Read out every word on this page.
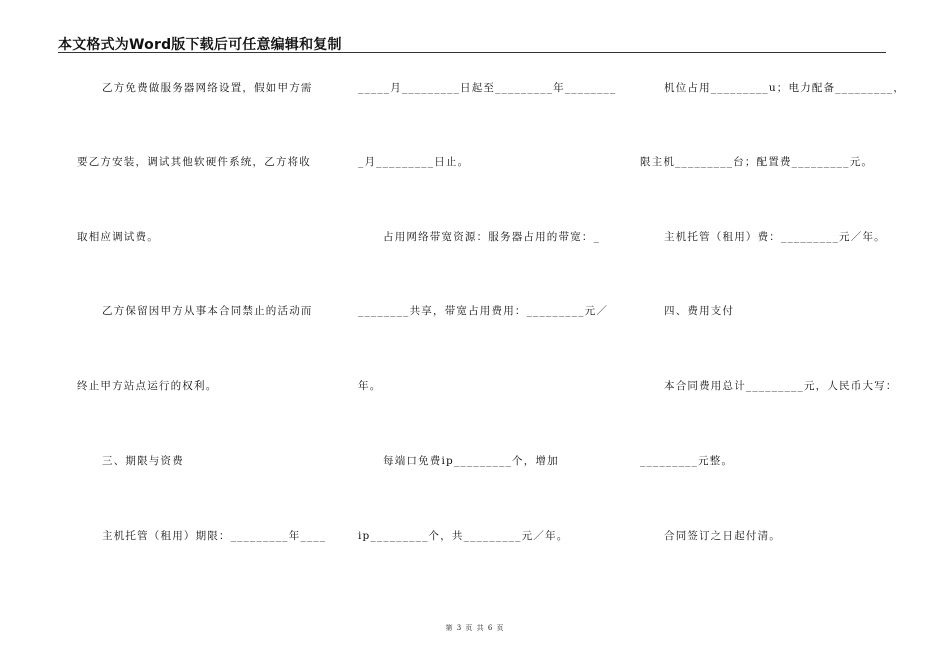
本文格式为Word版下载后可任意编辑和复制
乙方免费做服务器网络设置，假如甲方需
要乙方安装，调试其他软硬件系统，乙方将收
取相应调试费。
乙方保留因甲方从事本合同禁止的活动而
终止甲方站点运行的权利。
三、期限与资费
主机托管（租用）期限：_________年____
_____月_________日起至_________年________
_月_________日止。
占用网络带宽资源：服务器占用的带宽：_
________共享，带宽占用费用：_________元／
年。
每端口免费ip_________个，增加
ip_________个，共_________元／年。
机位占用_________u；电力配备_________，
限主机_________台；配置费_________元。
主机托管（租用）费：_________元／年。
四、费用支付
本合同费用总计_________元，人民币大写：
_________元整。
合同签订之日起付清。
第 3 页 共 6 页
